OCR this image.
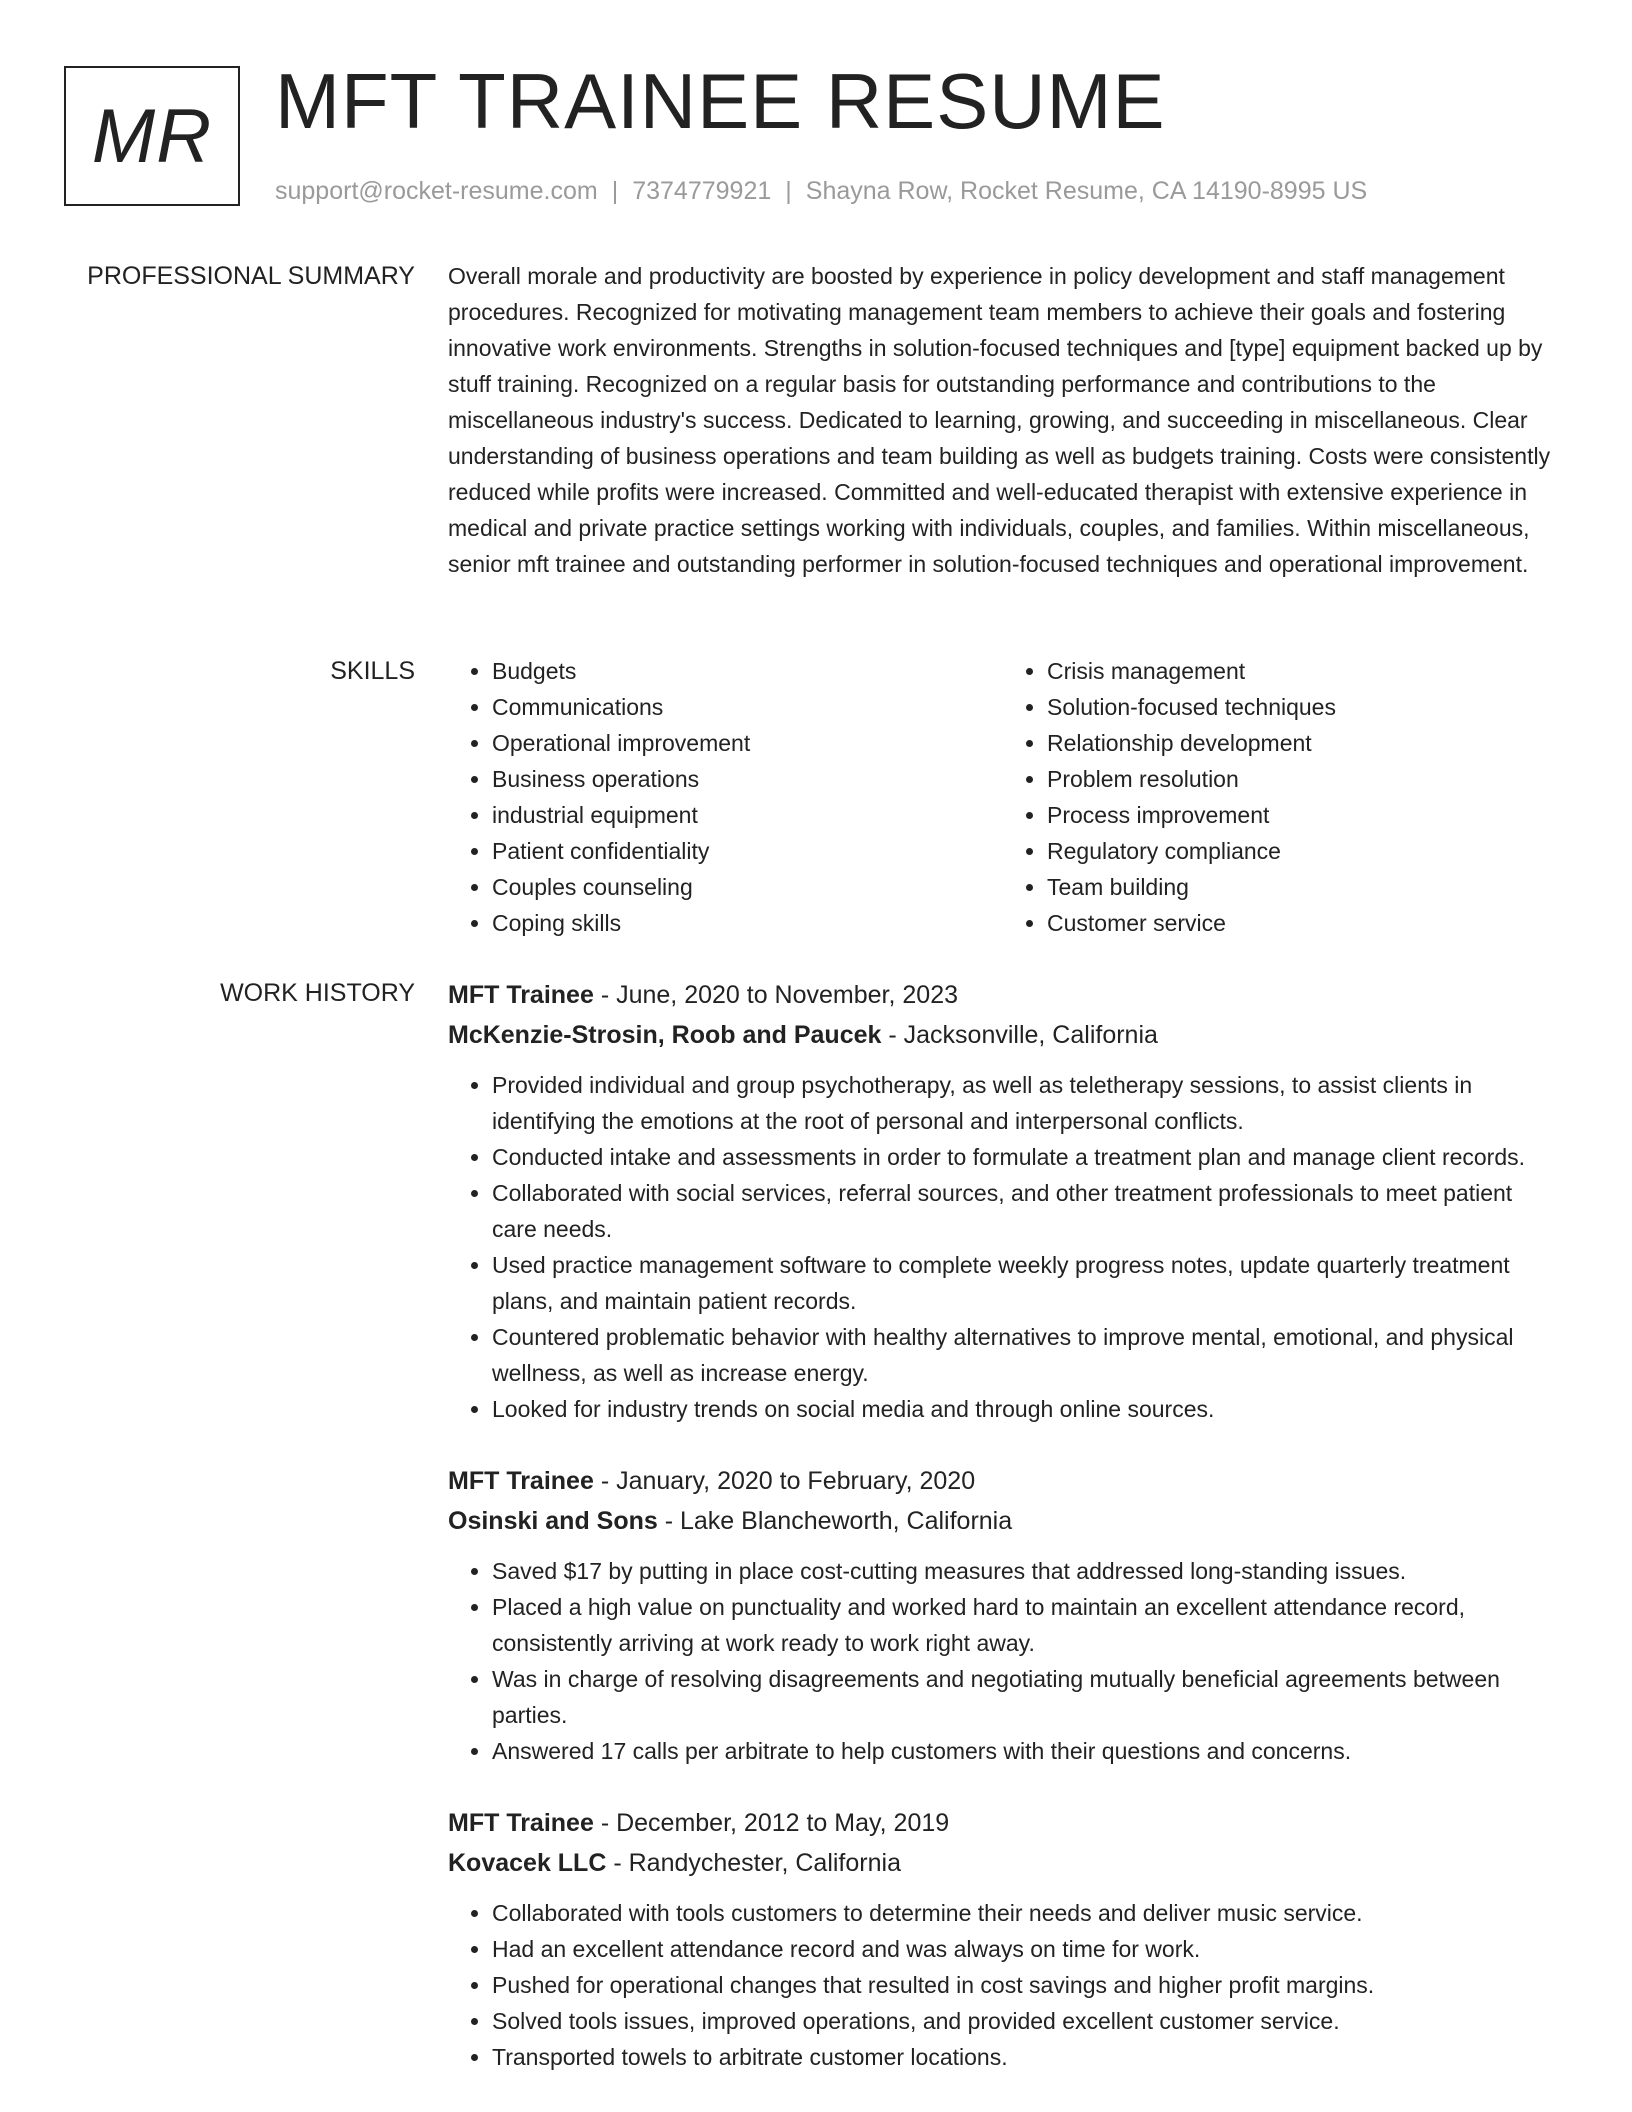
MR MFT TRAINEE RESUME
support@rocket-resume.com | 7374779921 | Shayna Row, Rocket Resume, CA 14190-8995 US
PROFESSIONAL SUMMARY Overall morale and productivity are boosted by experience in policy development and staff management procedures. Recognized for motivating management team members to achieve their goals and fostering innovative work environments. Strengths in solution-focused techniques and [type] equipment backed up by stuff training. Recognized on a regular basis for outstanding performance and contributions to the miscellaneous industry's success. Dedicated to learning, growing, and succeeding in miscellaneous. Clear understanding of business operations and team building as well as budgets training. Costs were consistently reduced while profits were increased. Committed and well-educated therapist with extensive experience in medical and private practice settings working with individuals, couples, and families. Within miscellaneous, senior mft trainee and outstanding performer in solution-focused techniques and operational improvement.

SKILLS
•	Budgets
• Communications
• Operational improvement
• Business operations
• industrial equipment
• Patient confidentiality
• Couples counseling
• Coping skills
• Crisis management
• Solution-focused techniques
• Relationship development
• Problem resolution
• Process improvement
• Regulatory compliance
• Team building
• Customer service
WORK HISTORY MFT Trainee - June, 2020 to November, 2023
McKenzie-Strosin, Roob and Paucek - Jacksonville, California
• Provided individual and group psychotherapy, as well as teletherapy sessions, to assist clients in identifying the emotions at the root of personal and interpersonal conflicts.
• Conducted intake and assessments in order to formulate a treatment plan and manage client records.
• Collaborated with social services, referral sources, and other treatment professionals to meet patient care needs.
• Used practice management software to complete weekly progress notes, update quarterly treatment plans, and maintain patient records.
• Countered problematic behavior with healthy alternatives to improve mental, emotional, and physical wellness, as well as increase energy.
• Looked for industry trends on social media and through online sources.
MFT Trainee - January, 2020 to February, 2020
Osinski and Sons - Lake Blancheworth, California
• Saved $17 by putting in place cost-cutting measures that addressed long-standing issues.
• Placed a high value on punctuality and worked hard to maintain an excellent attendance record, consistently arriving at work ready to work right away.
• Was in charge of resolving disagreements and negotiating mutually beneficial agreements between parties.
• Answered 17 calls per arbitrate to help customers with their questions and concerns.
MFT Trainee - December, 2012 to May, 2019
Kovacek LLC - Randychester, California
• Collaborated with tools customers to determine their needs and deliver music service.
• Had an excellent attendance record and was always on time for work.
• Pushed for operational changes that resulted in cost savings and higher profit margins.
• Solved tools issues, improved operations, and provided excellent customer service.
• Transported towels to arbitrate customer locations.
